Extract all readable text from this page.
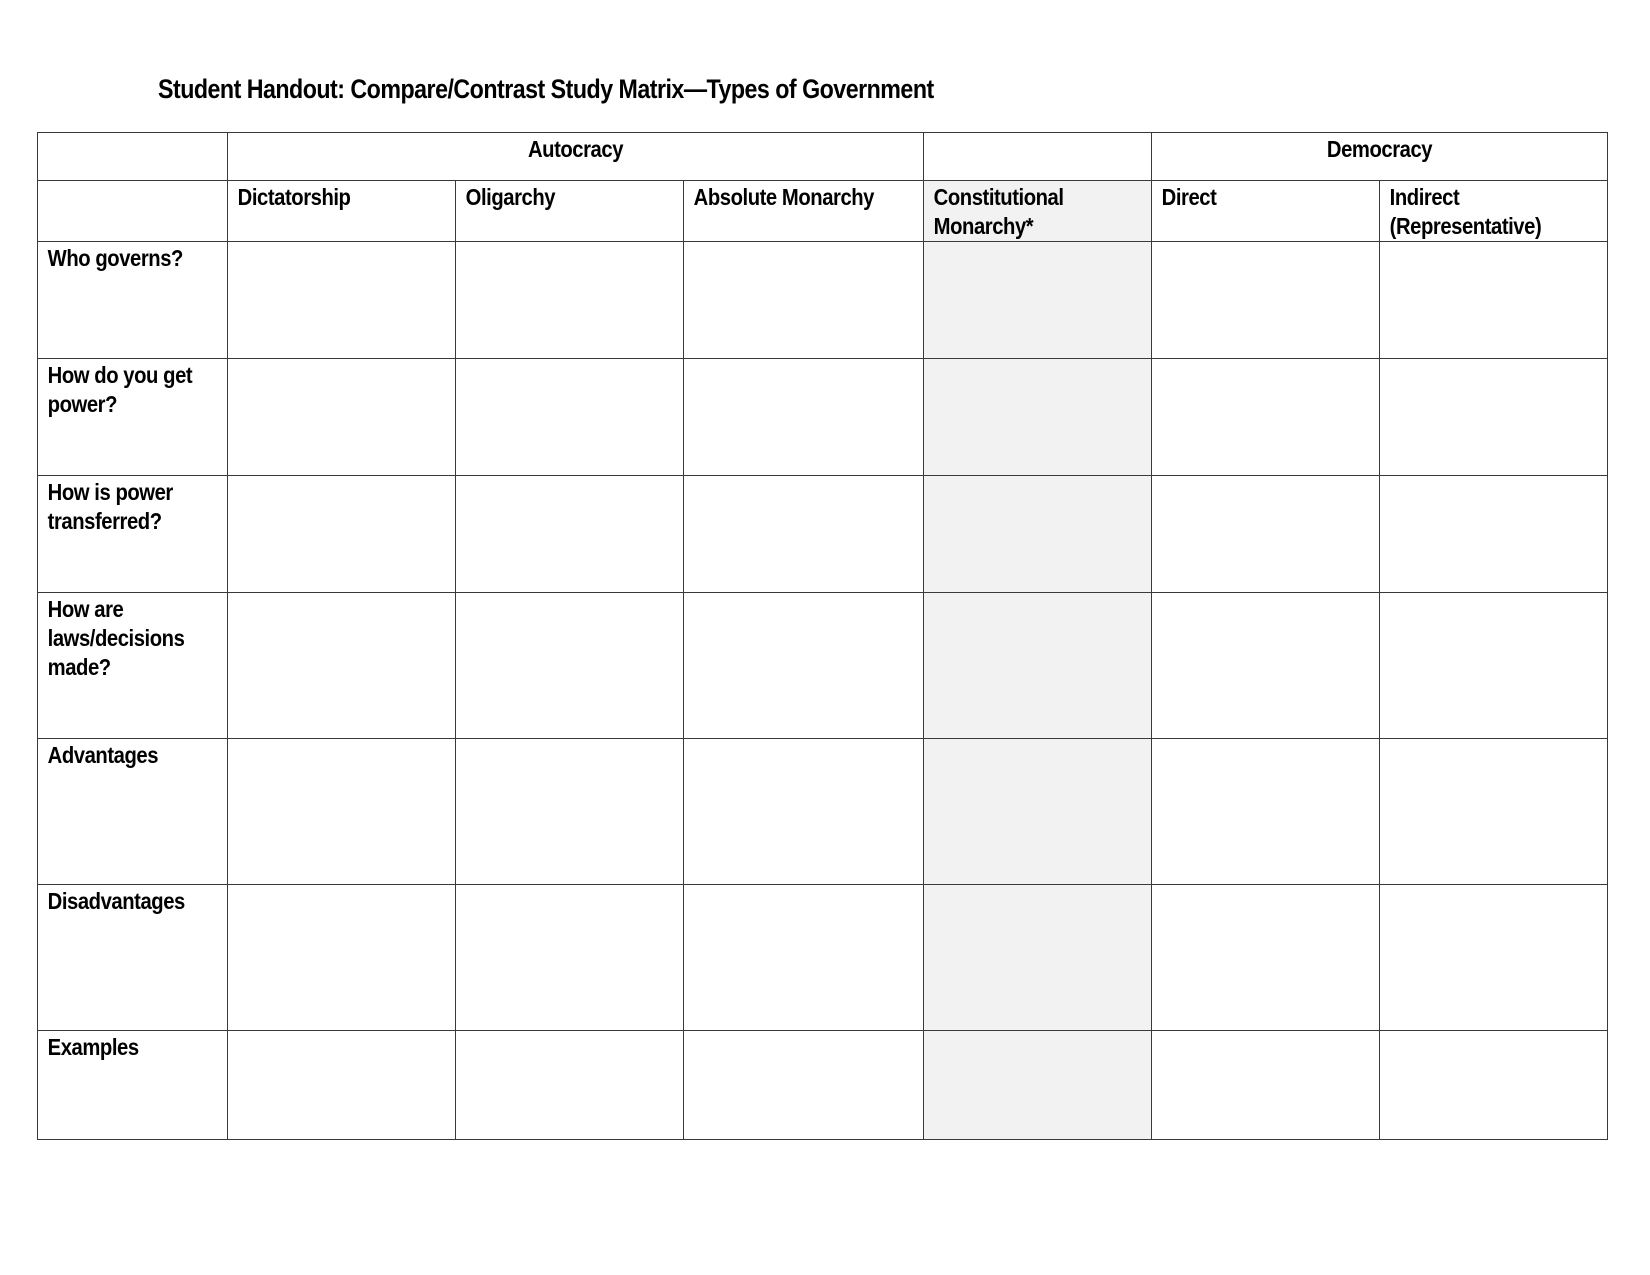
Student Handout: Compare/Contrast Study Matrix—Types of Government

	Autocracy				Democracy	

	Dictatorship	Oligarchy	Absolute Monarchy	Constitutional Monarchy*	Direct	Indirect (Representative)

Who governs?						

How do you get power?						

How is power transferred?						

How are laws/decisions made?						

Advantages						

Disadvantages						

Examples						
